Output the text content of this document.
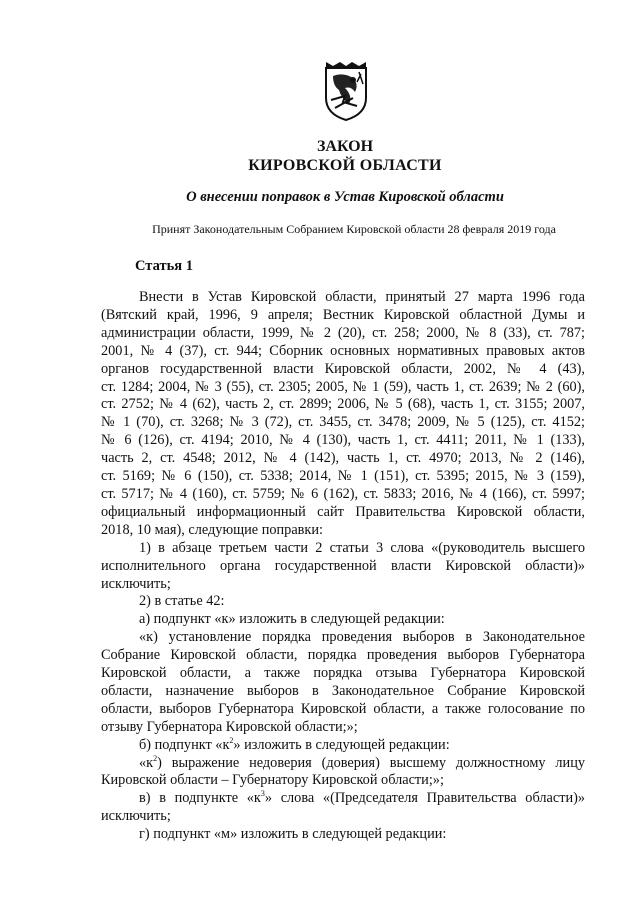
ЗАКОН
КИРОВСКОЙ ОБЛАСТИ
О внесении поправок в Устав Кировской области
Принят Законодательным Собранием Кировской области 28 февраля 2019 года
Статья 1

Внести в Устав Кировской области, принятый 27 марта 1996 года

(Вятский край, 1996, 9 апреля; Вестник Кировской областной Думы и

администрации области, 1999, № 2 (20), ст. 258; 2000, № 8 (33), ст. 787;

2001, № 4 (37), ст. 944; Сборник основных нормативных правовых актов

органов государственной власти Кировской области, 2002, № 4 (43),

ст. 1284; 2004, № 3 (55), ст. 2305; 2005, № 1 (59), часть 1, ст. 2639; № 2 (60),

ст. 2752; № 4 (62), часть 2, ст. 2899; 2006, № 5 (68), часть 1, ст. 3155; 2007,

№ 1 (70), ст. 3268; № 3 (72), ст. 3455, ст. 3478; 2009, № 5 (125), ст. 4152;

№ 6 (126), ст. 4194; 2010, № 4 (130), часть 1, ст. 4411; 2011, № 1 (133),

часть 2, ст. 4548; 2012, № 4 (142), часть 1, ст. 4970; 2013, № 2 (146),

ст. 5169; № 6 (150), ст. 5338; 2014, № 1 (151), ст. 5395; 2015, № 3 (159),

ст. 5717; № 4 (160), ст. 5759; № 6 (162), ст. 5833; 2016, № 4 (166), ст. 5997;

официальный информационный сайт Правительства Кировской области,

2018, 10 мая), следующие поправки:

1) в абзаце третьем части 2 статьи 3 слова «(руководитель высшего

исполнительного органа государственной власти Кировской области)»

исключить;

2) в статье 42:

а) подпункт «к» изложить в следующей редакции:

«к) установление порядка проведения выборов в Законодательное

Собрание Кировской области, порядка проведения выборов Губернатора

Кировской области, а также порядка отзыва Губернатора Кировской

области, назначение выборов в Законодательное Собрание Кировской

области, выборов Губернатора Кировской области, а также голосование по

отзыву Губернатора Кировской области;»;

б) подпункт «$к^2$» изложить в следующей редакции:

«$к^2$) выражение недоверия (доверия) высшему должностному лицу

Кировской области – Губернатору Кировской области;»;

в) в подпункте «$к^3$» слова «(Председателя Правительства области)»

исключить;

г) подпункт «м» изложить в следующей редакции:
